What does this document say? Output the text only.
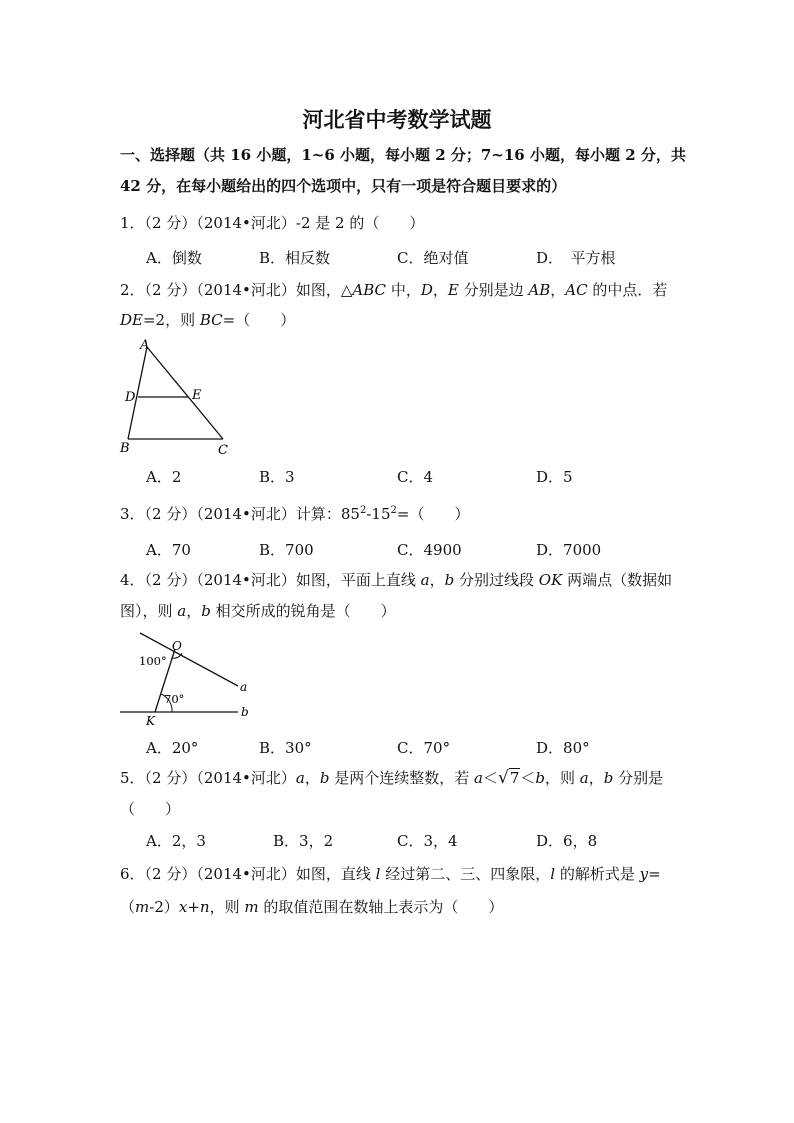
河北省中考数学试题
一、选择题（共 16 小题，1~6 小题，每小题 2 分；7~16 小题，每小题 2 分，共
42 分，在每小题给出的四个选项中，只有一项是符合题目要求的）
1．（2 分）（2014•河北）-2 是 2 的（　　）
A．倒数	B．相反数	C．绝对值	D．　平方根
2．（2 分）（2014•河北）如图，△ABC 中，D，E 分别是边 AB，AC 的中点．若
DE=2，则 BC=（　　）
A
D	E
B	C
A．2	B．3	C．4	D．5
3．（2 分）（2014•河北）计算：$85^2-15^2=$（　　）
A．70	B．700	C．4900	D．7000
4．（2 分）（2014•河北）如图，平面上直线 a，b 分别过线段 OK 两端点（数据如
图），则 a，b 相交所成的锐角是（　　）
O
K
a
b
100°
70°
A．20°	B．30°	C．70°	D．80°
5．（2 分）（2014•河北）a，b 是两个连续整数，若 a＜√7＜b，则 a，b 分别是
（　　）
A．2，3	B．3，2	C．3，4	D．6，8
6．（2 分）（2014•河北）如图，直线 l 经过第二、三、四象限，l 的解析式是 y=
（m-2）x+n，则 m 的取值范围在数轴上表示为（　　）
